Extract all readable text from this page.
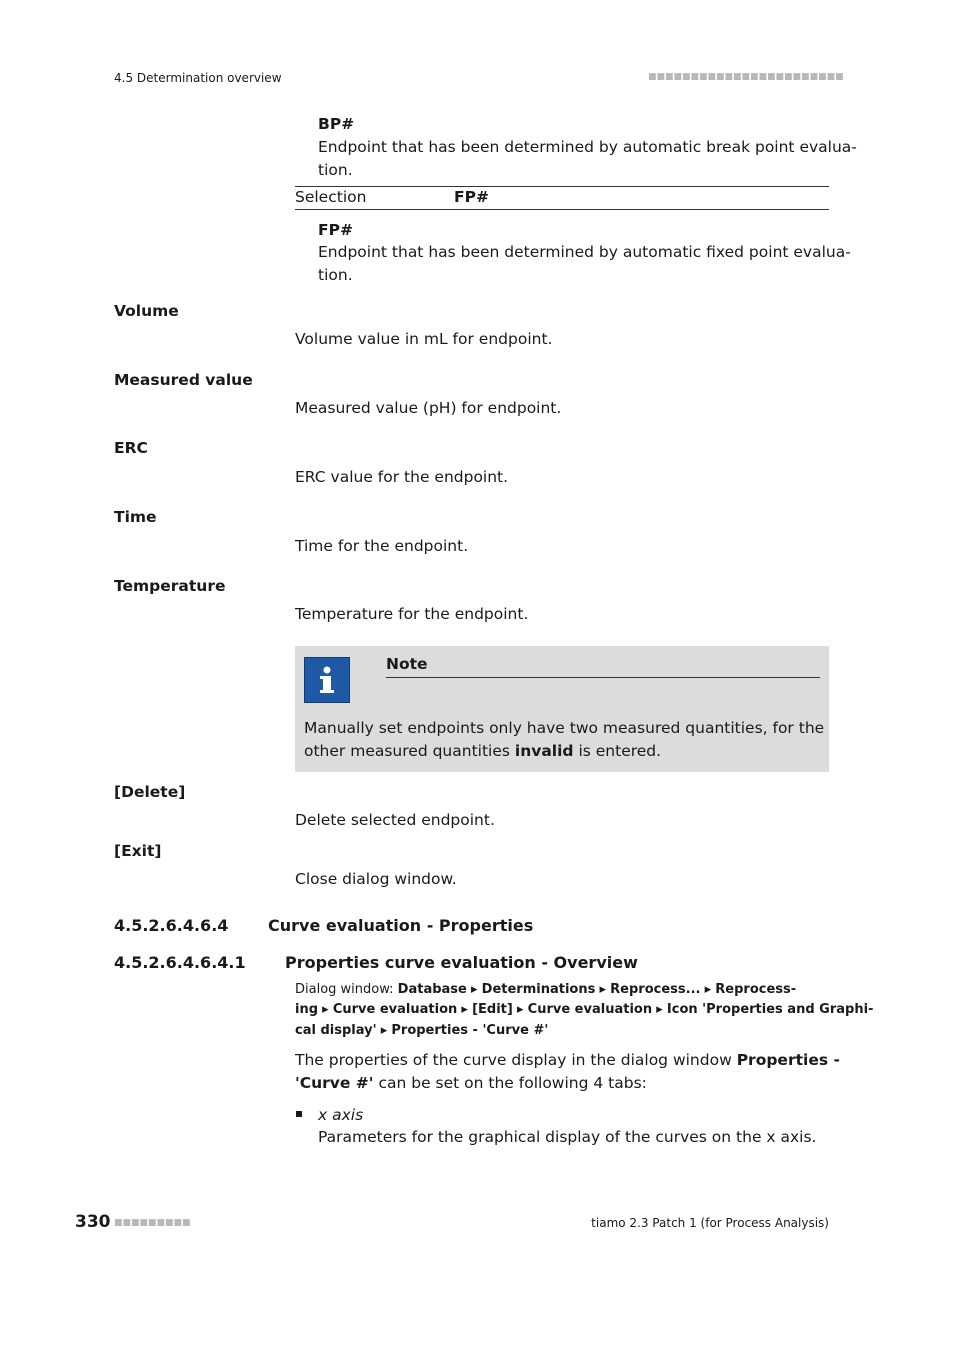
4.5 Determination overview	■■■■■■■■■■■■■■■■■■■■■■■
BP#
Endpoint that has been determined by automatic break point evalua-
tion.
Selection	FP#
FP#
Endpoint that has been determined by automatic fixed point evalua-
tion.
Volume
Volume value in mL for endpoint.
Measured value
Measured value (pH) for endpoint.
ERC
ERC value for the endpoint.
Time
Time for the endpoint.
Temperature
Temperature for the endpoint.
Note
Manually set endpoints only have two measured quantities, for the
other measured quantities invalid is entered.
[Delete]
Delete selected endpoint.
[Exit]
Close dialog window.
4.5.2.6.4.6.4 Curve evaluation - Properties
4.5.2.6.4.6.4.1 Properties curve evaluation - Overview
Dialog window: Database ▸ Determinations ▸ Reprocess... ▸ Reprocess-
ing ▸ Curve evaluation ▸ [Edit] ▸ Curve evaluation ▸ Icon 'Properties and Graphi-
cal display' ▸ Properties - 'Curve #'
The properties of the curve display in the dialog window Properties -
'Curve #' can be set on the following 4 tabs:
x axis
Parameters for the graphical display of the curves on the x axis.
330 ■■■■■■■■■	tiamo 2.3 Patch 1 (for Process Analysis)
